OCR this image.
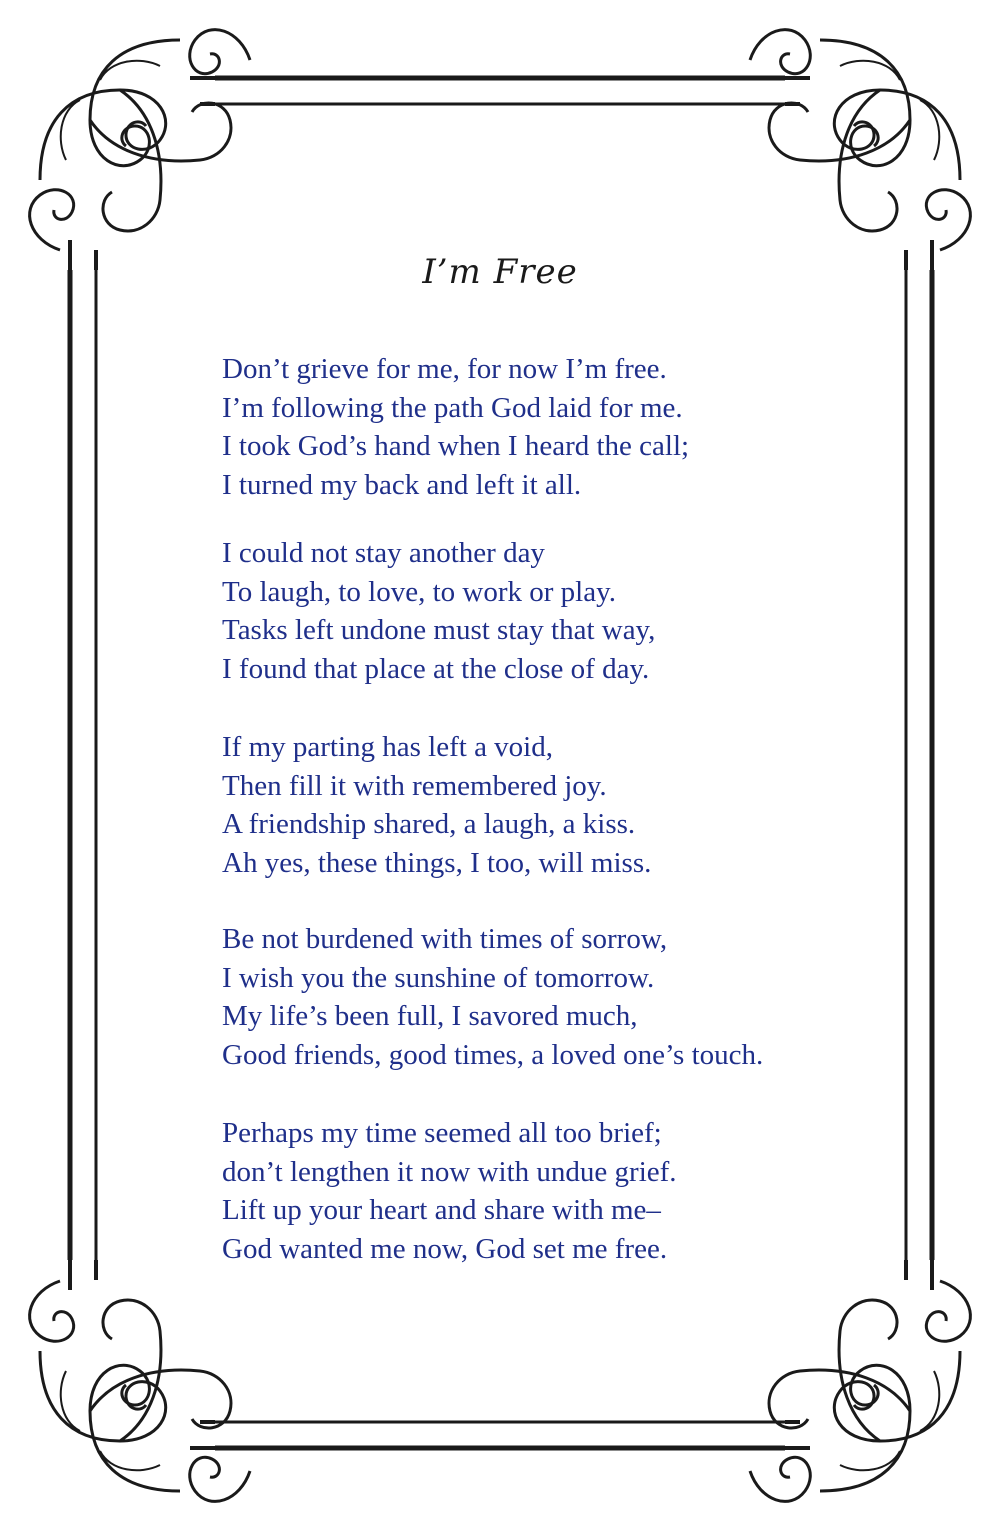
I’m Free
Don’t grieve for me, for now I’m free.
I’m following the path God laid for me.
I took God’s hand when I heard the call;
I turned my back and left it all.
I could not stay another day
To laugh, to love, to work or play.
Tasks left undone must stay that way,
I found that place at the close of day.
If my parting has left a void,
Then fill it with remembered joy.
A friendship shared, a laugh, a kiss.
Ah yes, these things, I too, will miss.
Be not burdened with times of sorrow,
I wish you the sunshine of tomorrow.
My life’s been full, I savored much,
Good friends, good times, a loved one’s touch.
Perhaps my time seemed all too brief;
don’t lengthen it now with undue grief.
Lift up your heart and share with me–
God wanted me now, God set me free.
